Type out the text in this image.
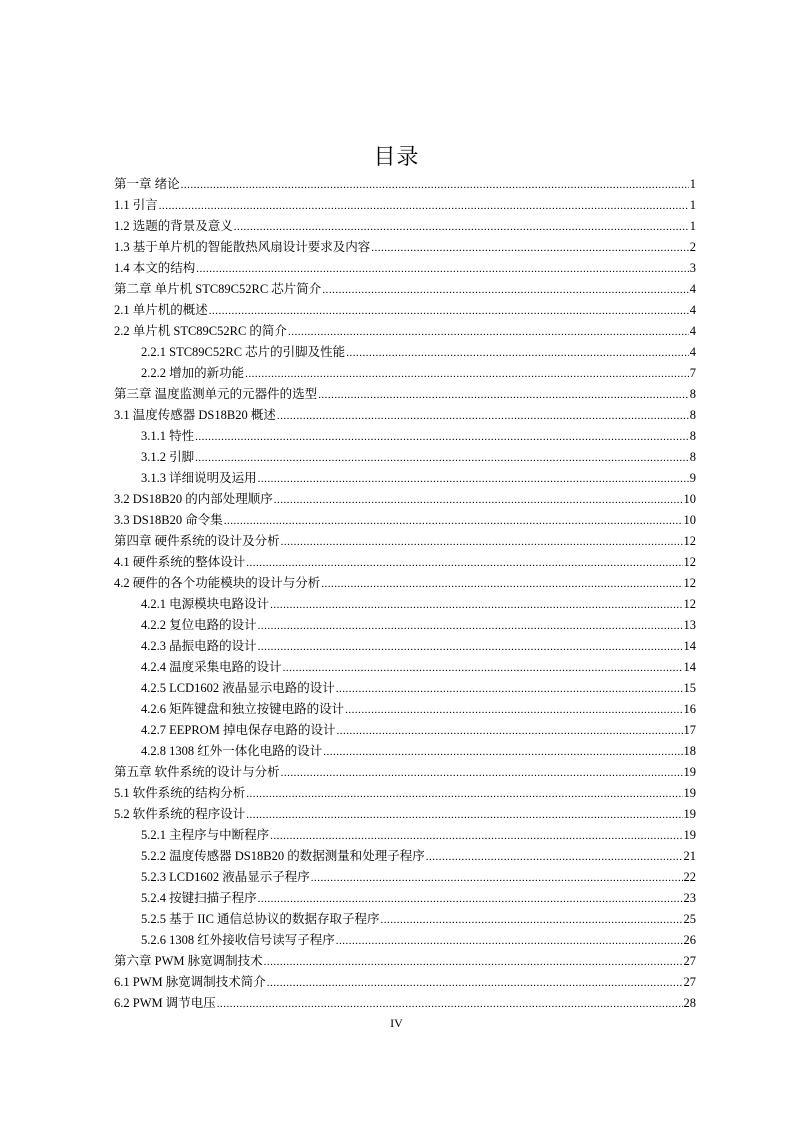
目录
第一章 绪论 .....	1
1.1 引言 .....	1
1.2 选题的背景及意义 .....	1
1.3 基于单片机的智能散热风扇设计要求及内容 .....	2
1.4 本文的结构 .....	3
第二章 单片机 STC89C52RC 芯片简介 .....	4
2.1 单片机的概述 .....	4
2.2 单片机 STC89C52RC 的简介 .....	4
2.2.1 STC89C52RC 芯片的引脚及性能 .....	4
2.2.2 增加的新功能 .....	7
第三章 温度监测单元的元器件的选型 .....	8
3.1 温度传感器 DS18B20 概述 .....	8
3.1.1 特性 .....	8
3.1.2 引脚 .....	8
3.1.3 详细说明及运用 .....	9
3.2 DS18B20 的内部处理顺序 .....	10
3.3 DS18B20 命令集 .....	10
第四章 硬件系统的设计及分析 .....	12
4.1 硬件系统的整体设计 .....	12
4.2 硬件的各个功能模块的设计与分析 .....	12
4.2.1 电源模块电路设计 .....	12
4.2.2 复位电路的设计 .....	13
4.2.3 晶振电路的设计 .....	14
4.2.4 温度采集电路的设计 .....	14
4.2.5 LCD1602 液晶显示电路的设计 .....	15
4.2.6 矩阵键盘和独立按键电路的设计 .....	16
4.2.7 EEPROM 掉电保存电路的设计 .....	17
4.2.8 1308 红外一体化电路的设计 .....	18
第五章 软件系统的设计与分析 .....	19
5.1 软件系统的结构分析 .....	19
5.2 软件系统的程序设计 .....	19
5.2.1 主程序与中断程序 .....	19
5.2.2 温度传感器 DS18B20 的数据测量和处理子程序 .....	21
5.2.3 LCD1602 液晶显示子程序 .....	22
5.2.4 按键扫描子程序 .....	23
5.2.5 基于 IIC 通信总协议的数据存取子程序 .....	25
5.2.6 1308 红外接收信号读写子程序 .....	26
第六章 PWM 脉宽调制技术 .....	27
6.1 PWM 脉宽调制技术简介 .....	27
6.2 PWM 调节电压 .....	28
IV
